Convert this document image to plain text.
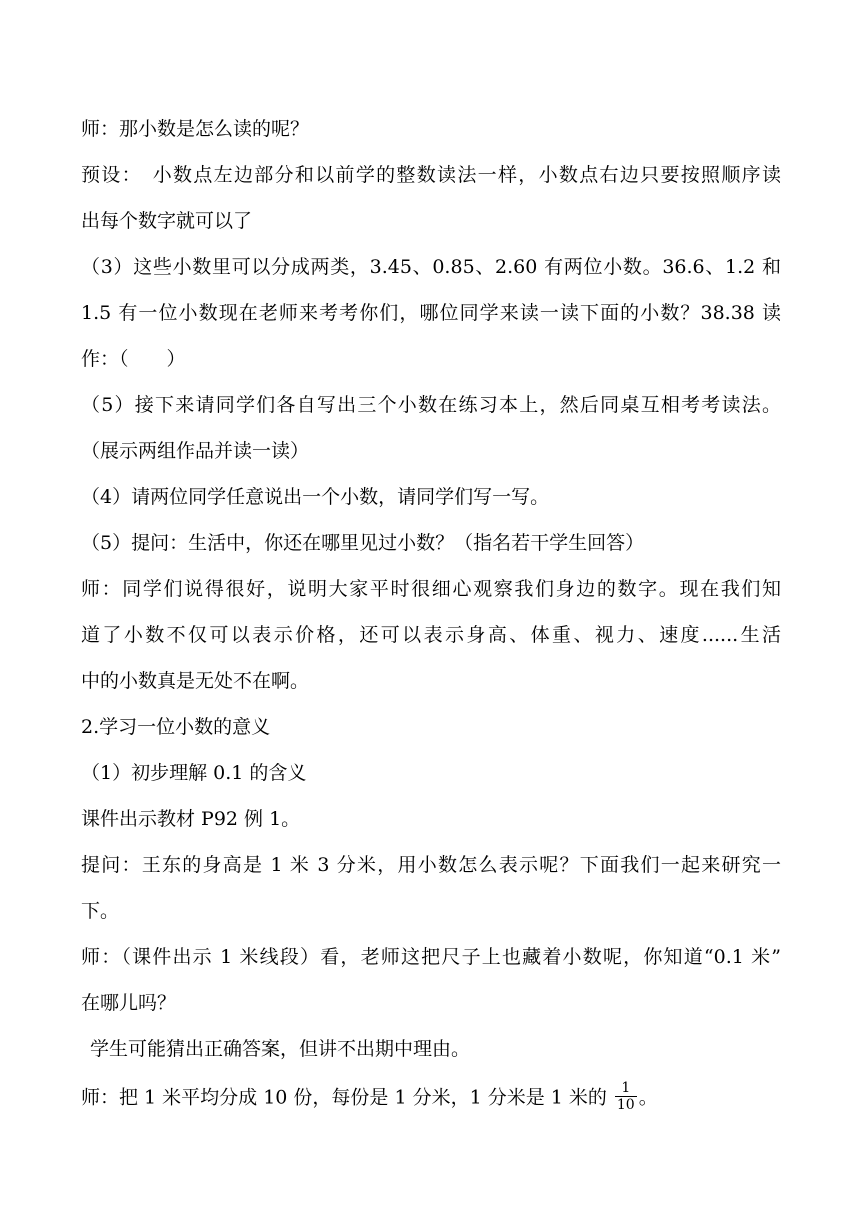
师：那小数是怎么读的呢？
预设：　小数点左边部分和以前学的整数读法一样，小数点右边只要按照顺序读
出每个数字就可以了
（3）这些小数里可以分成两类，3.45、0.85、2.60 有两位小数。36.6、1.2 和
1.5 有一位小数现在老师来考考你们，哪位同学来读一读下面的小数？38.38 读
作：（　　）
（5）接下来请同学们各自写出三个小数在练习本上，然后同桌互相考考读法。
（展示两组作品并读一读）
（4）请两位同学任意说出一个小数，请同学们写一写。
（5）提问：生活中，你还在哪里见过小数？（指名若干学生回答）
师：同学们说得很好，说明大家平时很细心观察我们身边的数字。现在我们知
道了小数不仅可以表示价格，还可以表示身高、体重、视力、速度......生活
中的小数真是无处不在啊。
2.学习一位小数的意义
（1）初步理解 0.1 的含义
课件出示教材 P92 例 1。
提问：王东的身高是 1 米 3 分米，用小数怎么表示呢？下面我们一起来研究一
下。
师：（课件出示 1 米线段）看，老师这把尺子上也藏着小数呢，你知道“0.1 米”
在哪儿吗？
学生可能猜出正确答案，但讲不出期中理由。
师：把 1 米平均分成 10 份，每份是 1 分米，1 分米是 1 米的 $\frac{1}{10}$ 。
